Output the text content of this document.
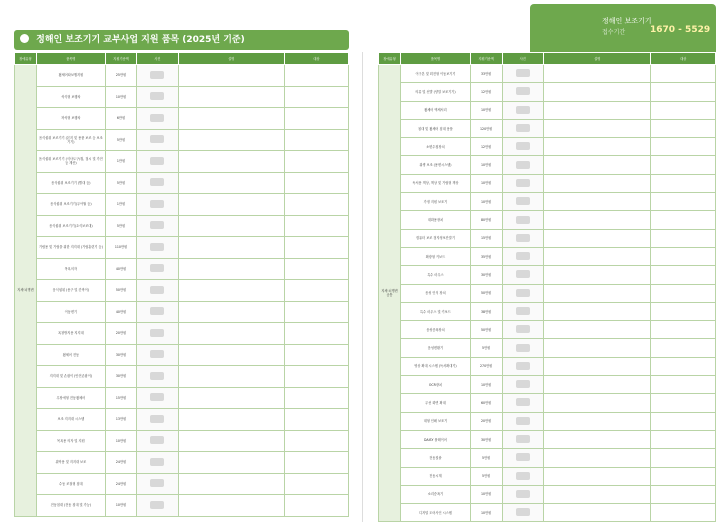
정해인 보조기기 교부사업 지원 품목 (2025년 기준)
정해인 보조기기
접수기간	1670 - 5529
장애유형	품목명	지원기준액	사진	설명	대상
지체·뇌병변	휠체어타보행지원	25만원			
	석식형 보행차	10만원			
	착석형 보행차	6만원			
	음식섭취 보조기기 (본지 및 용품 보조 등 보조기기)	5만원			
	음식섭취 보조기기 (식사도구/컵, 접시 및 가전 등 계산)	1만원			
	음식섭취 보조기기 (빨대 등)	5만원			
	음식섭취 보조기기(우아월 등)	1만원			
	음식섭취 보조기기(초식보조대)	5만원			
	기립용 및 기립을 위한 지지대 (기립훈련기 등)	110만원			
	목욕의자	40만원			
	음식섭취 (용구 및 칸막이)	50만원			
	이동변기	40만원			
	욕창방지용 지지대	20만원			
	휠체어 전동	30만원			
	지지대 및 손잡이 (안전손잡이)	30만원			
	무장애형 전동휠체어	15만원			
	보조 지지대 시스템	13만원			
	목욕용 의자 및 지원	10만원			
	위탁용 및 지지대 보조	24만원			
	수동 조절형 침대	24만원			
	전동침대 (전동 침대 및 가능)	10만원			
장애유형	품목명	지원기준액	사진	설명	대상
지체·뇌병변 공통	이구본 및 회전형 이동보기기	33만원			
	의류 및 신발 (양말 보조기기)	12만원			
	휠체어 액세서리	10만원			
	침대 및 휠체어 침대 용품	120만원			
	소변수집장치	12만원			
	위생 보조 (용변시스템)	10만원			
	독서용 책상, 책상 및 기립형 책상	10만원			
	가정 지원 보조기	10만원			
	대화용장치	80만원			
	컴퓨터 보조 점자정보단말기	15만원			
	확장형 키보드	35만원			
	특수 마우스	30만원			
	음성 인식 장치	50만원			
	특수 마우스 및 키보드	38만원			
	음성증폭장치	50만원			
	음성변환기	5만원			
	영상 확대 시스템 (독서확대기)	270만원			
	OCR장치	10만원			
	무선 화면 확대	60만원			
	대형 인쇄 보조기	20만원			
	DAISY 플레이어	30만원			
	전동칫솔	5만원			
	진동시계	5만원			
	소리증폭기	10만원			
	디지털 도어사인 시스템	10만원			
